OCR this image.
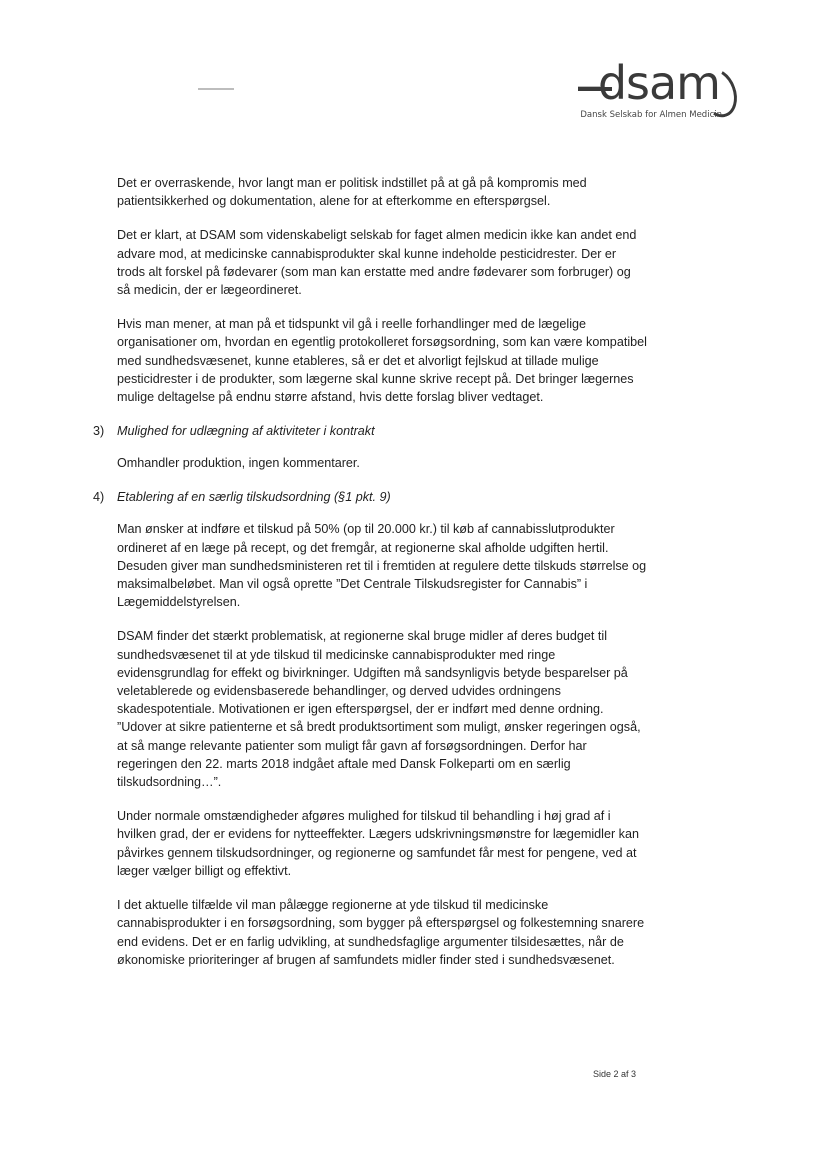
dsam
Dansk Selskab for Almen Medicin

Det er overraskende, hvor langt man er politisk indstillet på at gå på kompromis med patientsikkerhed og dokumentation, alene for at efterkomme en efterspørgsel.

Det er klart, at DSAM som videnskabeligt selskab for faget almen medicin ikke kan andet end advare mod, at medicinske cannabisprodukter skal kunne indeholde pesticidrester. Der er trods alt forskel på fødevarer (som man kan erstatte med andre fødevarer som forbruger) og så medicin, der er lægeordineret.

Hvis man mener, at man på et tidspunkt vil gå i reelle forhandlinger med de lægelige organisationer om, hvordan en egentlig protokolleret forsøgsordning, som kan være kompatibel med sundhedsvæsenet, kunne etableres, så er det et alvorligt fejlskud at tillade mulige pesticidrester i de produkter, som lægerne skal kunne skrive recept på. Det bringer lægernes mulige deltagelse på endnu større afstand, hvis dette forslag bliver vedtaget.

3)	Mulighed for udlægning af aktiviteter i kontrakt

Omhandler produktion, ingen kommentarer.

4)	Etablering af en særlig tilskudsordning (§1 pkt. 9)

Man ønsker at indføre et tilskud på 50% (op til 20.000 kr.) til køb af cannabisslutprodukter ordineret af en læge på recept, og det fremgår, at regionerne skal afholde udgiften hertil. Desuden giver man sundhedsministeren ret til i fremtiden at regulere dette tilskuds størrelse og maksimalbeløbet. Man vil også oprette ”Det Centrale Tilskudsregister for Cannabis” i Lægemiddelstyrelsen.

DSAM finder det stærkt problematisk, at regionerne skal bruge midler af deres budget til sundhedsvæsenet til at yde tilskud til medicinske cannabisprodukter med ringe evidensgrundlag for effekt og bivirkninger. Udgiften må sandsynligvis betyde besparelser på veletablerede og evidensbaserede behandlinger, og derved udvides ordningens skadespotentiale. Motivationen er igen efterspørgsel, der er indført med denne ordning. ”Udover at sikre patienterne et så bredt produktsortiment som muligt, ønsker regeringen også, at så mange relevante patienter som muligt får gavn af forsøgsordningen. Derfor har regeringen den 22. marts 2018 indgået aftale med Dansk Folkeparti om en særlig tilskudsordning…”.

Under normale omstændigheder afgøres mulighed for tilskud til behandling i høj grad af i hvilken grad, der er evidens for nytteeffekter. Lægers udskrivningsmønstre for lægemidler kan påvirkes gennem tilskudsordninger, og regionerne og samfundet får mest for pengene, ved at læger vælger billigt og effektivt.

I det aktuelle tilfælde vil man pålægge regionerne at yde tilskud til medicinske cannabisprodukter i en forsøgsordning, som bygger på efterspørgsel og folkestemning snarere end evidens. Det er en farlig udvikling, at sundhedsfaglige argumenter tilsidesættes, når de økonomiske prioriteringer af brugen af samfundets midler finder sted i sundhedsvæsenet.

Side 2 af 3
